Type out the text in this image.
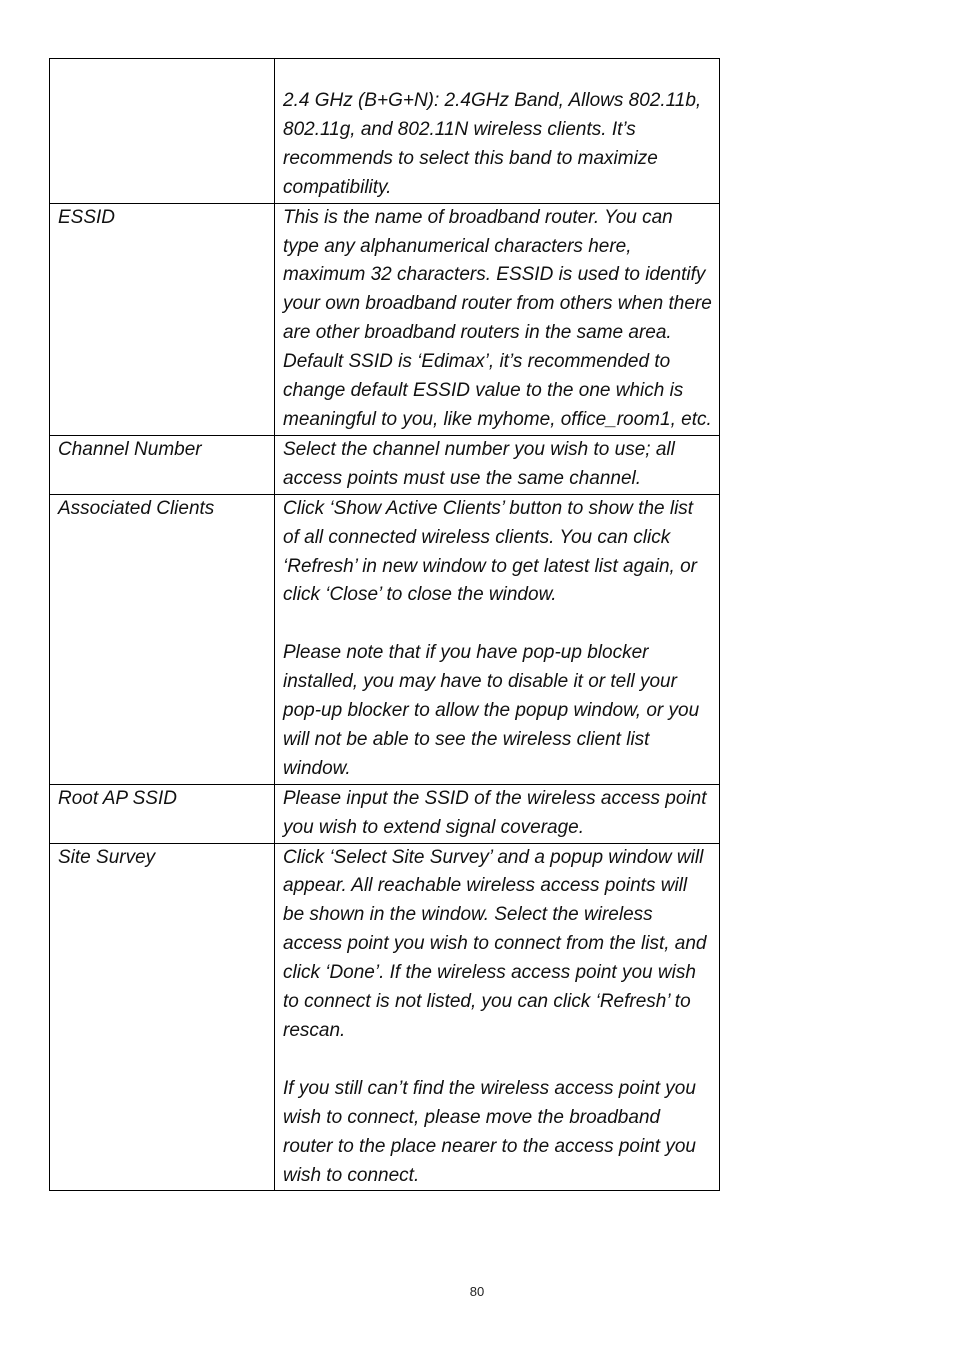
	2.4 GHz (B+G+N): 2.4GHz Band, Allows 802.11b, 802.11g, and 802.11N wireless clients. It’s recommends to select this band to maximize compatibility.

ESSID	This is the name of broadband router. You can type any alphanumerical characters here, maximum 32 characters. ESSID is used to identify your own broadband router from others when there are other broadband routers in the same area. Default SSID is ‘Edimax’, it’s recommended to change default ESSID value to the one which is meaningful to you, like myhome, office_room1, etc.

Channel Number	Select the channel number you wish to use; all access points must use the same channel.

Associated Clients	Click ‘Show Active Clients’ button to show the list of all connected wireless clients. You can click ‘Refresh’ in new window to get latest list again, or click ‘Close’ to close the window.
Please note that if you have pop-up blocker installed, you may have to disable it or tell your pop-up blocker to allow the popup window, or you will not be able to see the wireless client list window.

Root AP SSID	Please input the SSID of the wireless access point you wish to extend signal coverage.

Site Survey	Click ‘Select Site Survey’ and a popup window will appear. All reachable wireless access points will be shown in the window. Select the wireless access point you wish to connect from the list, and click ‘Done’. If the wireless access point you wish to connect is not listed, you can click ‘Refresh’ to rescan.
If you still can’t find the wireless access point you wish to connect, please move the broadband router to the place nearer to the access point you wish to connect.
80
